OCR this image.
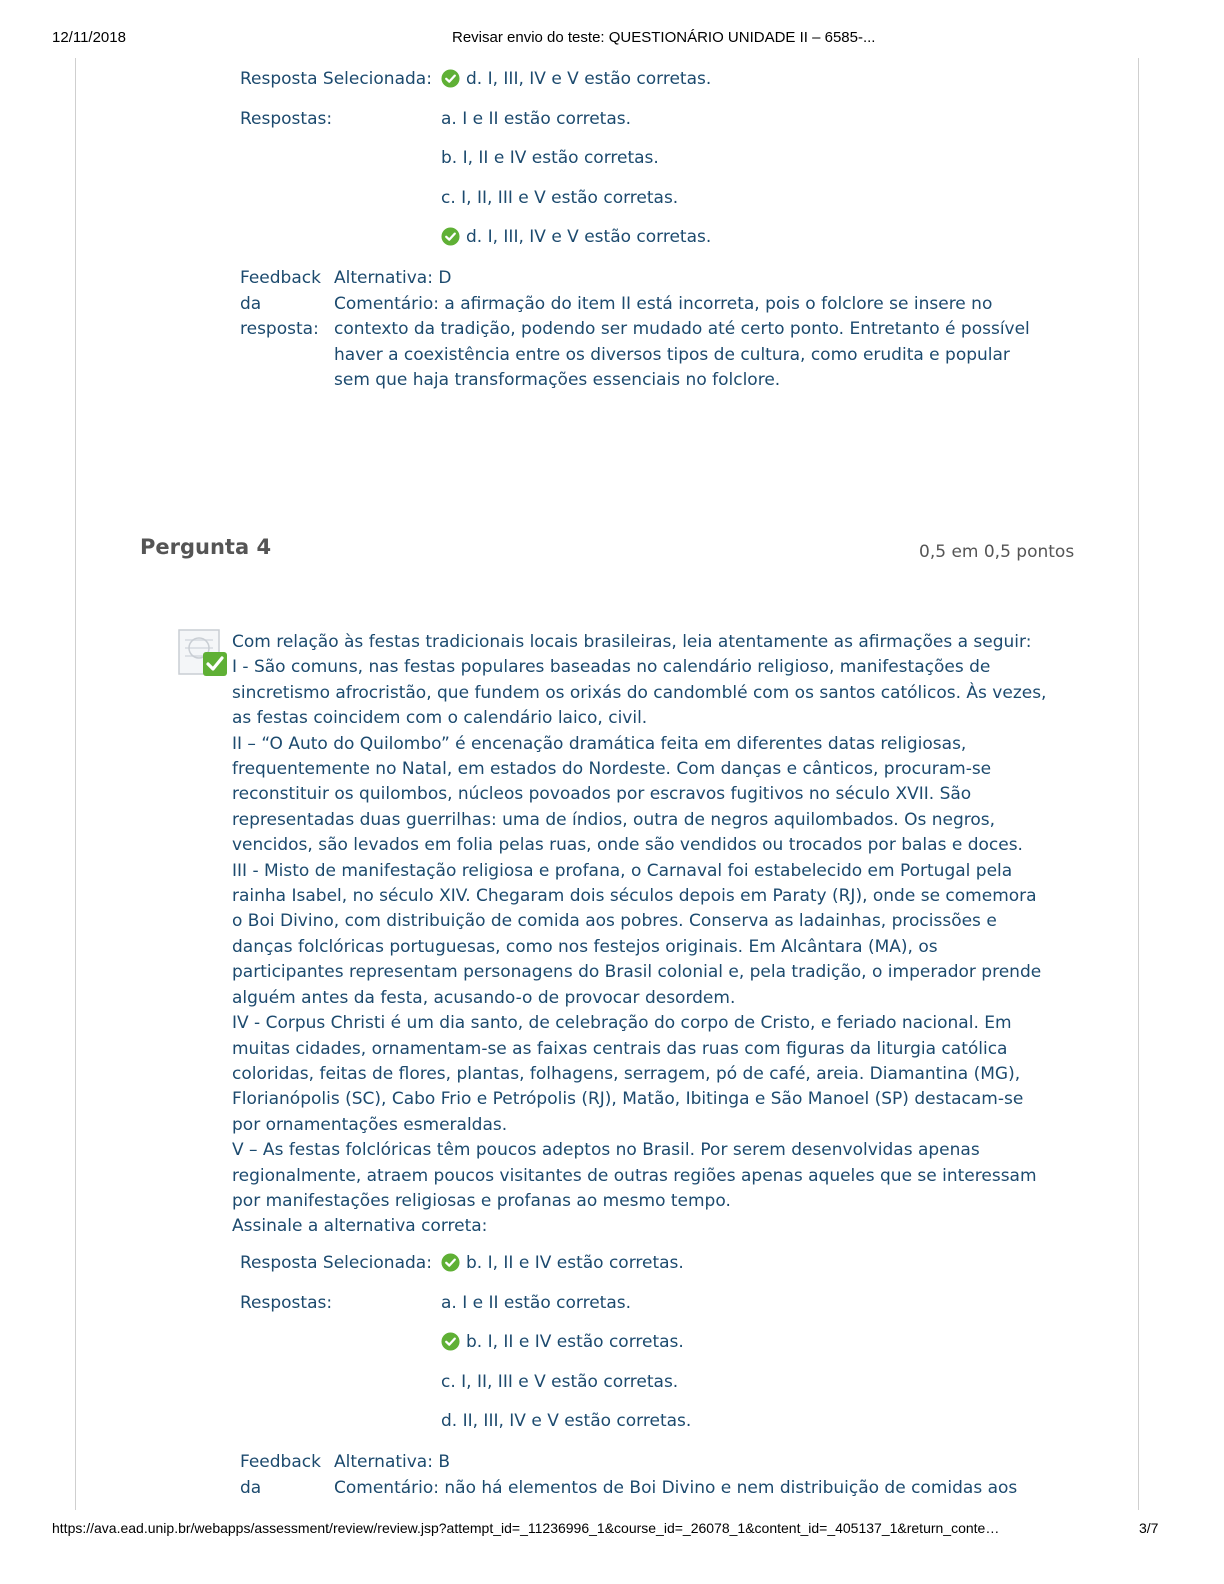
12/11/2018	Revisar envio do teste: QUESTIONÁRIO UNIDADE II – 6585-...
Resposta Selecionada:	d. I, III, IV e V estão corretas.
Respostas:	a. I e II estão corretas.
b. I, II e IV estão corretas.
c. I, II, III e V estão corretas.
d. I, III, IV e V estão corretas.
Feedback da resposta:

Alternativa: D

Comentário: a afirmação do item II está incorreta, pois o folclore se insere no contexto da tradição, podendo ser mudado até certo ponto. Entretanto é possível haver a coexistência entre os diversos tipos de cultura, como erudita e popular sem que haja transformações essenciais no folclore.

Pergunta 4	0,5 em 0,5 pontos

Com relação às festas tradicionais locais brasileiras, leia atentamente as afirmações a seguir:

I - São comuns, nas festas populares baseadas no calendário religioso, manifestações de sincretismo afrocristão, que fundem os orixás do candomblé com os santos católicos. Às vezes, as festas coincidem com o calendário laico, civil.

II – “O Auto do Quilombo” é encenação dramática feita em diferentes datas religiosas, frequentemente no Natal, em estados do Nordeste. Com danças e cânticos, procuram-se reconstituir os quilombos, núcleos povoados por escravos fugitivos no século XVII. São representadas duas guerrilhas: uma de índios, outra de negros aquilombados. Os negros, vencidos, são levados em folia pelas ruas, onde são vendidos ou trocados por balas e doces.

III - Misto de manifestação religiosa e profana, o Carnaval foi estabelecido em Portugal pela rainha Isabel, no século XIV. Chegaram dois séculos depois em Paraty (RJ), onde se comemora o Boi Divino, com distribuição de comida aos pobres. Conserva as ladainhas, procissões e danças folclóricas portuguesas, como nos festejos originais. Em Alcântara (MA), os participantes representam personagens do Brasil colonial e, pela tradição, o imperador prende alguém antes da festa, acusando-o de provocar desordem.

IV - Corpus Christi é um dia santo, de celebração do corpo de Cristo, e feriado nacional. Em muitas cidades, ornamentam-se as faixas centrais das ruas com figuras da liturgia católica coloridas, feitas de flores, plantas, folhagens, serragem, pó de café, areia. Diamantina (MG), Florianópolis (SC), Cabo Frio e Petrópolis (RJ), Matão, Ibitinga e São Manoel (SP) destacam-se por ornamentações esmeraldas.

V – As festas folclóricas têm poucos adeptos no Brasil. Por serem desenvolvidas apenas regionalmente, atraem poucos visitantes de outras regiões apenas aqueles que se interessam por manifestações religiosas e profanas ao mesmo tempo.

Assinale a alternativa correta:

Resposta Selecionada:	b. I, II e IV estão corretas.
Respostas:	a. I e II estão corretas.
b. I, II e IV estão corretas.
c. I, II, III e V estão corretas.
d. II, III, IV e V estão corretas.
Feedback da

Alternativa: B

Comentário: não há elementos de Boi Divino e nem distribuição de comidas aos

https://ava.ead.unip.br/webapps/assessment/review/review.jsp?attempt_id=_11236996_1&course_id=_26078_1&content_id=_405137_1&return_conte…	3/7
